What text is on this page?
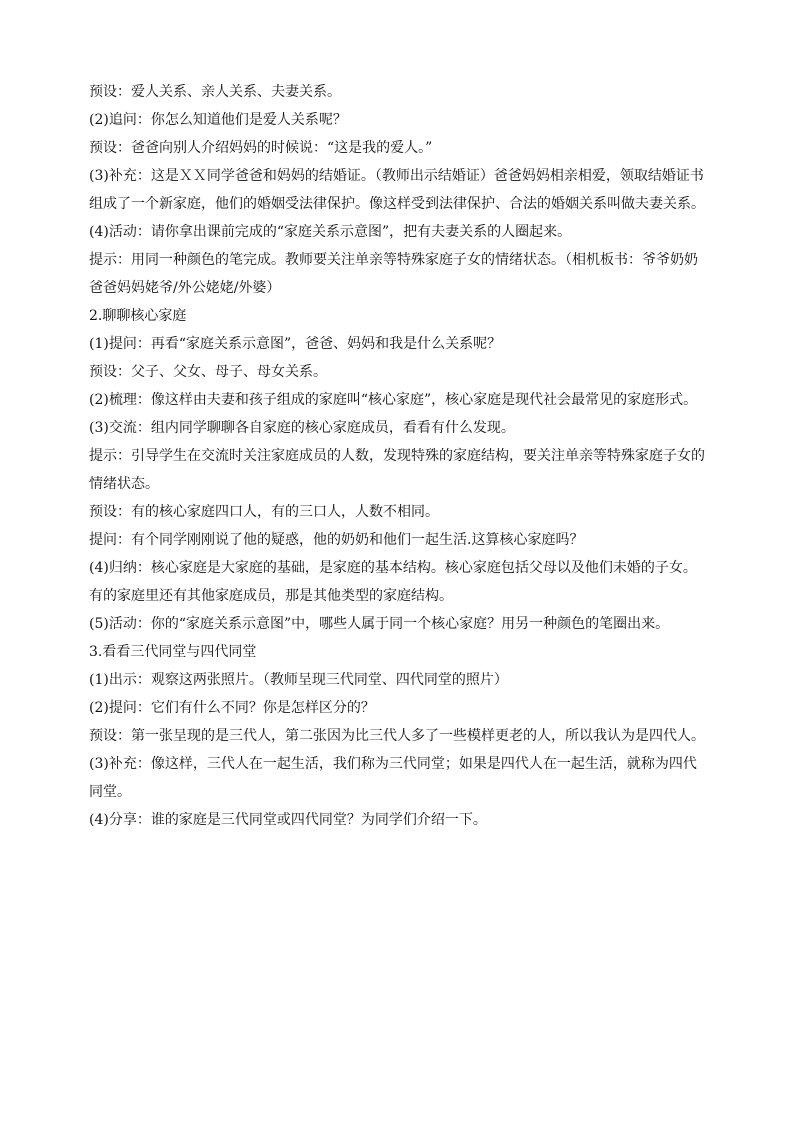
预设：爱人关系、亲人关系、夫妻关系。

(2)追问：你怎么知道他们是爱人关系呢？

预设：爸爸向别人介绍妈妈的时候说：“这是我的爱人。”

(3)补充：这是ＸＸ同学爸爸和妈妈的结婚证。（教师出示结婚证）爸爸妈妈相亲相爱，领取结婚证书组成了一个新家庭，他们的婚姻受法律保护。像这样受到法律保护、合法的婚姻关系叫做夫妻关系。

(4)活动：请你拿出课前完成的“家庭关系示意图”，把有夫妻关系的人圈起来。

提示：用同一种颜色的笔完成。教师要关注单亲等特殊家庭子女的情绪状态。（相机板书：爷爷奶奶爸爸妈妈姥爷/外公姥姥/外婆）

2.聊聊核心家庭

(1)提问：再看“家庭关系示意图”，爸爸、妈妈和我是什么关系呢？

预设：父子、父女、母子、母女关系。

(2)梳理：像这样由夫妻和孩子组成的家庭叫“核心家庭”，核心家庭是现代社会最常见的家庭形式。

(3)交流：组内同学聊聊各自家庭的核心家庭成员，看看有什么发现。

提示：引导学生在交流时关注家庭成员的人数，发现特殊的家庭结构，要关注单亲等特殊家庭子女的情绪状态。

预设：有的核心家庭四口人，有的三口人，人数不相同。

提问：有个同学刚刚说了他的疑惑，他的奶奶和他们一起生活.这算核心家庭吗？

(4)归纳：核心家庭是大家庭的基础，是家庭的基本结构。核心家庭包括父母以及他们未婚的子女。有的家庭里还有其他家庭成员，那是其他类型的家庭结构。

(5)活动：你的“家庭关系示意图”中，哪些人属于同一个核心家庭？用另一种颜色的笔圈出来。

3.看看三代同堂与四代同堂

(1)出示：观察这两张照片。（教师呈现三代同堂、四代同堂的照片）

(2)提问：它们有什么不同？你是怎样区分的？

预设：第一张呈现的是三代人，第二张因为比三代人多了一些模样更老的人，所以我认为是四代人。

(3)补充：像这样，三代人在一起生活，我们称为三代同堂；如果是四代人在一起生活，就称为四代同堂。

(4)分享：谁的家庭是三代同堂或四代同堂？为同学们介绍一下。
